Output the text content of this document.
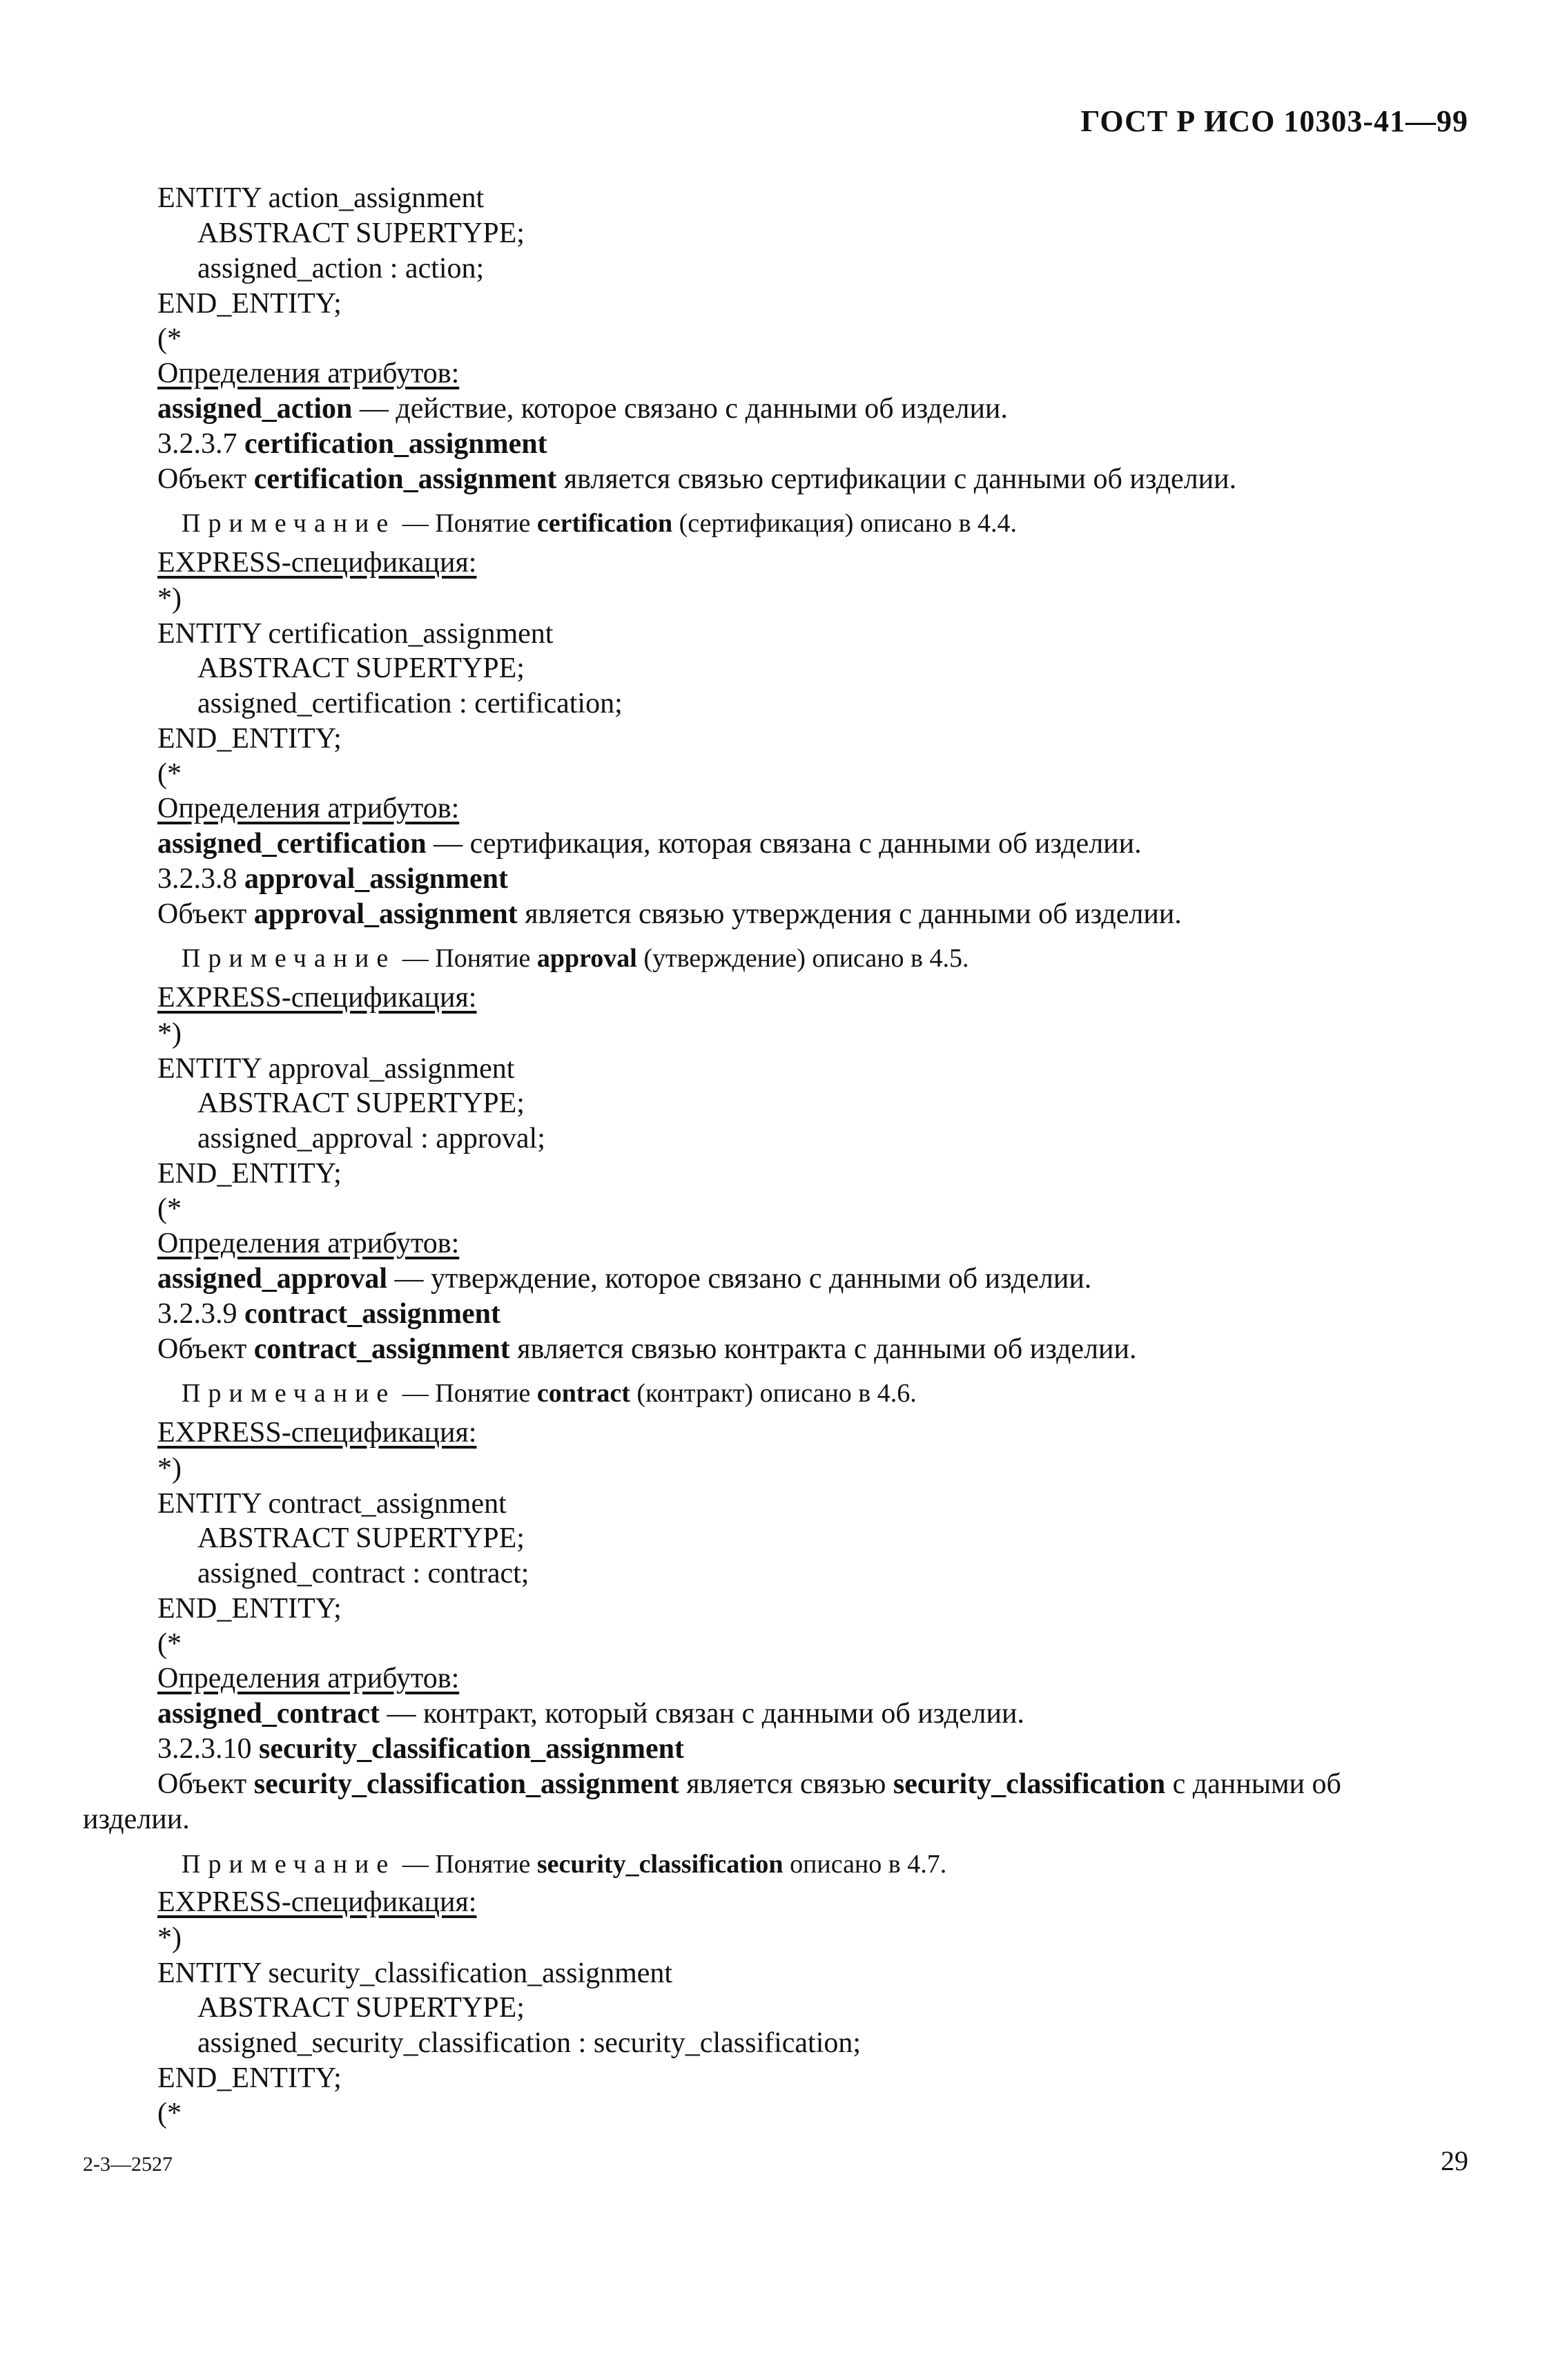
ГОСТ Р ИСО 10303-41—99
ENTITY action_assignment
ABSTRACT SUPERTYPE;
assigned_action : action;
END_ENTITY;
(*
Определения атрибутов:
assigned_action — действие, которое связано с данными об изделии.
3.2.3.7 certification_assignment
Объект certification_assignment является связью сертификации с данными об изделии.
Примечание — Понятие certification (сертификация) описано в 4.4.
EXPRESS-спецификация:
*)
ENTITY certification_assignment
ABSTRACT SUPERTYPE;
assigned_certification : certification;
END_ENTITY;
(*
Определения атрибутов:
assigned_certification — сертификация, которая связана с данными об изделии.
3.2.3.8 approval_assignment
Объект approval_assignment является связью утверждения с данными об изделии.
Примечание — Понятие approval (утверждение) описано в 4.5.
EXPRESS-спецификация:
*)
ENTITY approval_assignment
ABSTRACT SUPERTYPE;
assigned_approval : approval;
END_ENTITY;
(*
Определения атрибутов:
assigned_approval — утверждение, которое связано с данными об изделии.
3.2.3.9 contract_assignment
Объект contract_assignment является связью контракта с данными об изделии.
Примечание — Понятие contract (контракт) описано в 4.6.
EXPRESS-спецификация:
*)
ENTITY contract_assignment
ABSTRACT SUPERTYPE;
assigned_contract : contract;
END_ENTITY;
(*
Определения атрибутов:
assigned_contract — контракт, который связан с данными об изделии.
3.2.3.10 security_classification_assignment
Объект security_classification_assignment является связью security_classification с данными об
изделии.
Примечание — Понятие security_classification описано в 4.7.
EXPRESS-спецификация:
*)
ENTITY security_classification_assignment
ABSTRACT SUPERTYPE;
assigned_security_classification : security_classification;
END_ENTITY;
(*
2-3—2527	29
